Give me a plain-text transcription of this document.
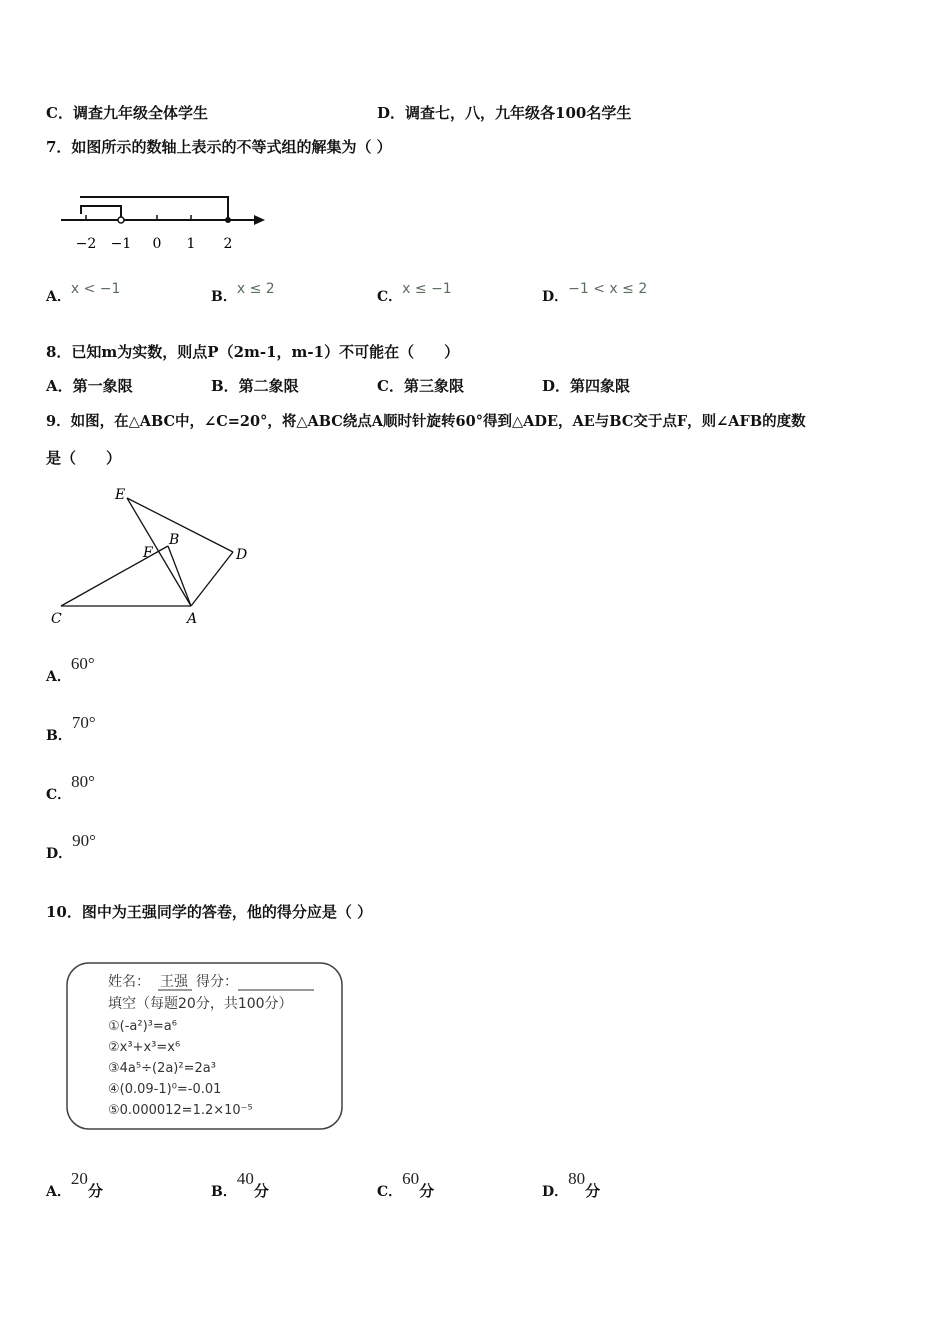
C．调查九年级全体学生	D．调查七，八，九年级各100名学生
7．如图所示的数轴上表示的不等式组的解集为（ ）
−2 −1 0 1 2
A．x < −1	B．x ≤ 2	C．x ≤ −1	D．−1 < x ≤ 2
8．已知m为实数，则点P（2m-1，m-1）不可能在（　　）
A．第一象限	B．第二象限	C．第三象限	D．第四象限
9．如图，在△ABC中，∠C=20°，将△ABC绕点A顺时针旋转60°得到△ADE，AE与BC交于点F，则∠AFB的度数
是（　　）
E
B
F	D
C	A
A．60°
B．70°
C．80°
D．90°
10．图中为王强同学的答卷，他的得分应是（ ）
姓名： 王强 得分：
填空（每题20分，共100分）
①(-a²)³=a⁶
②x³+x³=x⁶
③4a⁵÷(2a)²=2a³
④(0.09-1)⁰=-0.01
⑤0.000012=1.2×10⁻⁵
A．20分	B．40分	C．60分	D．80分
